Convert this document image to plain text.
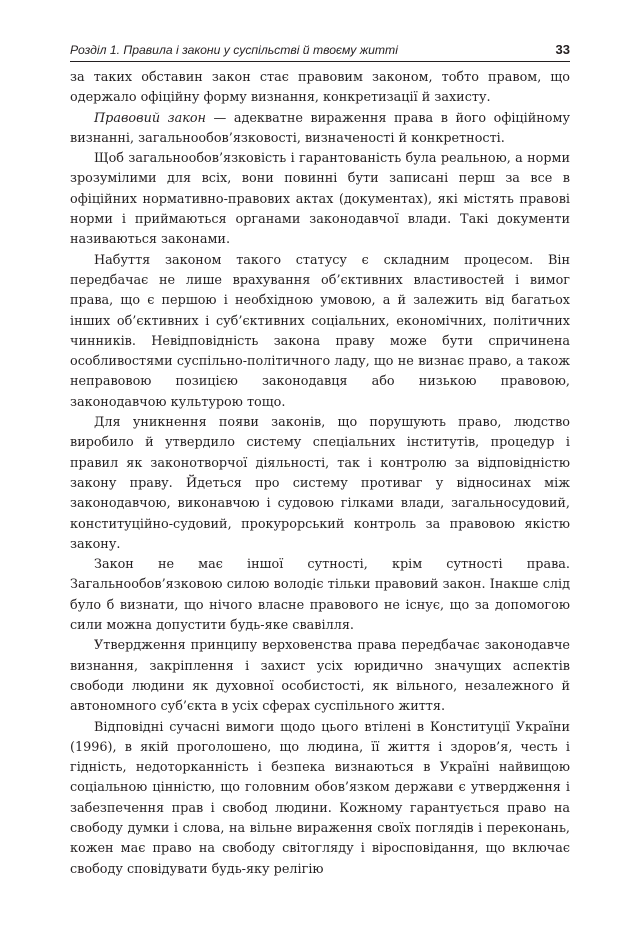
Розділ 1. Правила і закони у суспільстві й твоєму житті	33

за таких обставин закон стає правовим законом, тобто правом, що одержало офіційну форму визнання, конкретизації й захисту.

Правовий закон — адекватне вираження права в його офіційному визнанні, загальнообов’язковості, визначеності й конкретності.

Щоб загальнообов’язковість і гарантованість була реальною, а норми зрозумілими для всіх, вони повинні бути записані перш за все в офіційних нормативно-правових актах (документах), які містять правові норми і приймаються органами законодавчої влади. Такі документи називаються законами.

Набуття законом такого статусу є складним процесом. Він передбачає не лише врахування об’єктивних властивостей і вимог права, що є першою і необхідною умовою, а й залежить від багатьох інших об’єктивних і суб’єктивних соціальних, економічних, політичних чинників. Невідповідність закона праву може бути спричинена особливостями суспільно-політичного ладу, що не визнає право, а також неправовою позицією законодавця або низькою правовою, законодавчою культурою тощо.

Для уникнення появи законів, що порушують право, людство виробило й утвердило систему спеціальних інститутів, процедур і правил як законотворчої діяльності, так і контролю за відповідністю закону праву. Йдеться про систему противаг у відносинах між законодавчою, виконавчою і судовою гілками влади, загальносудовий, конституційно-судовий, прокурорський контроль за правовою якістю закону.

Закон не має іншої сутності, крім сутності права. Загальнообов’язковою силою володіє тільки правовий закон. Інакше слід було б визнати, що нічого власне правового не існує, що за допомогою сили можна допустити будь-яке свавілля.

Утвердження принципу верховенства права передбачає законодавче визнання, закріплення і захист усіх юридично значущих аспектів свободи людини як духовної особистості, як вільного, незалежного й автономного суб’єкта в усіх сферах суспільного життя.

Відповідні сучасні вимоги щодо цього втілені в Конституції України (1996), в якій проголошено, що людина, її життя і здоров’я, честь і гідність, недоторканність і безпека визнаються в Україні найвищою соціальною цінністю, що головним обов’язком держави є утвердження і забезпечення прав і свобод людини. Кожному гарантується право на свободу думки і слова, на вільне вираження своїх поглядів і переконань, кожен має право на свободу світогляду і віросповідання, що включає свободу сповідувати будь-яку релігію
